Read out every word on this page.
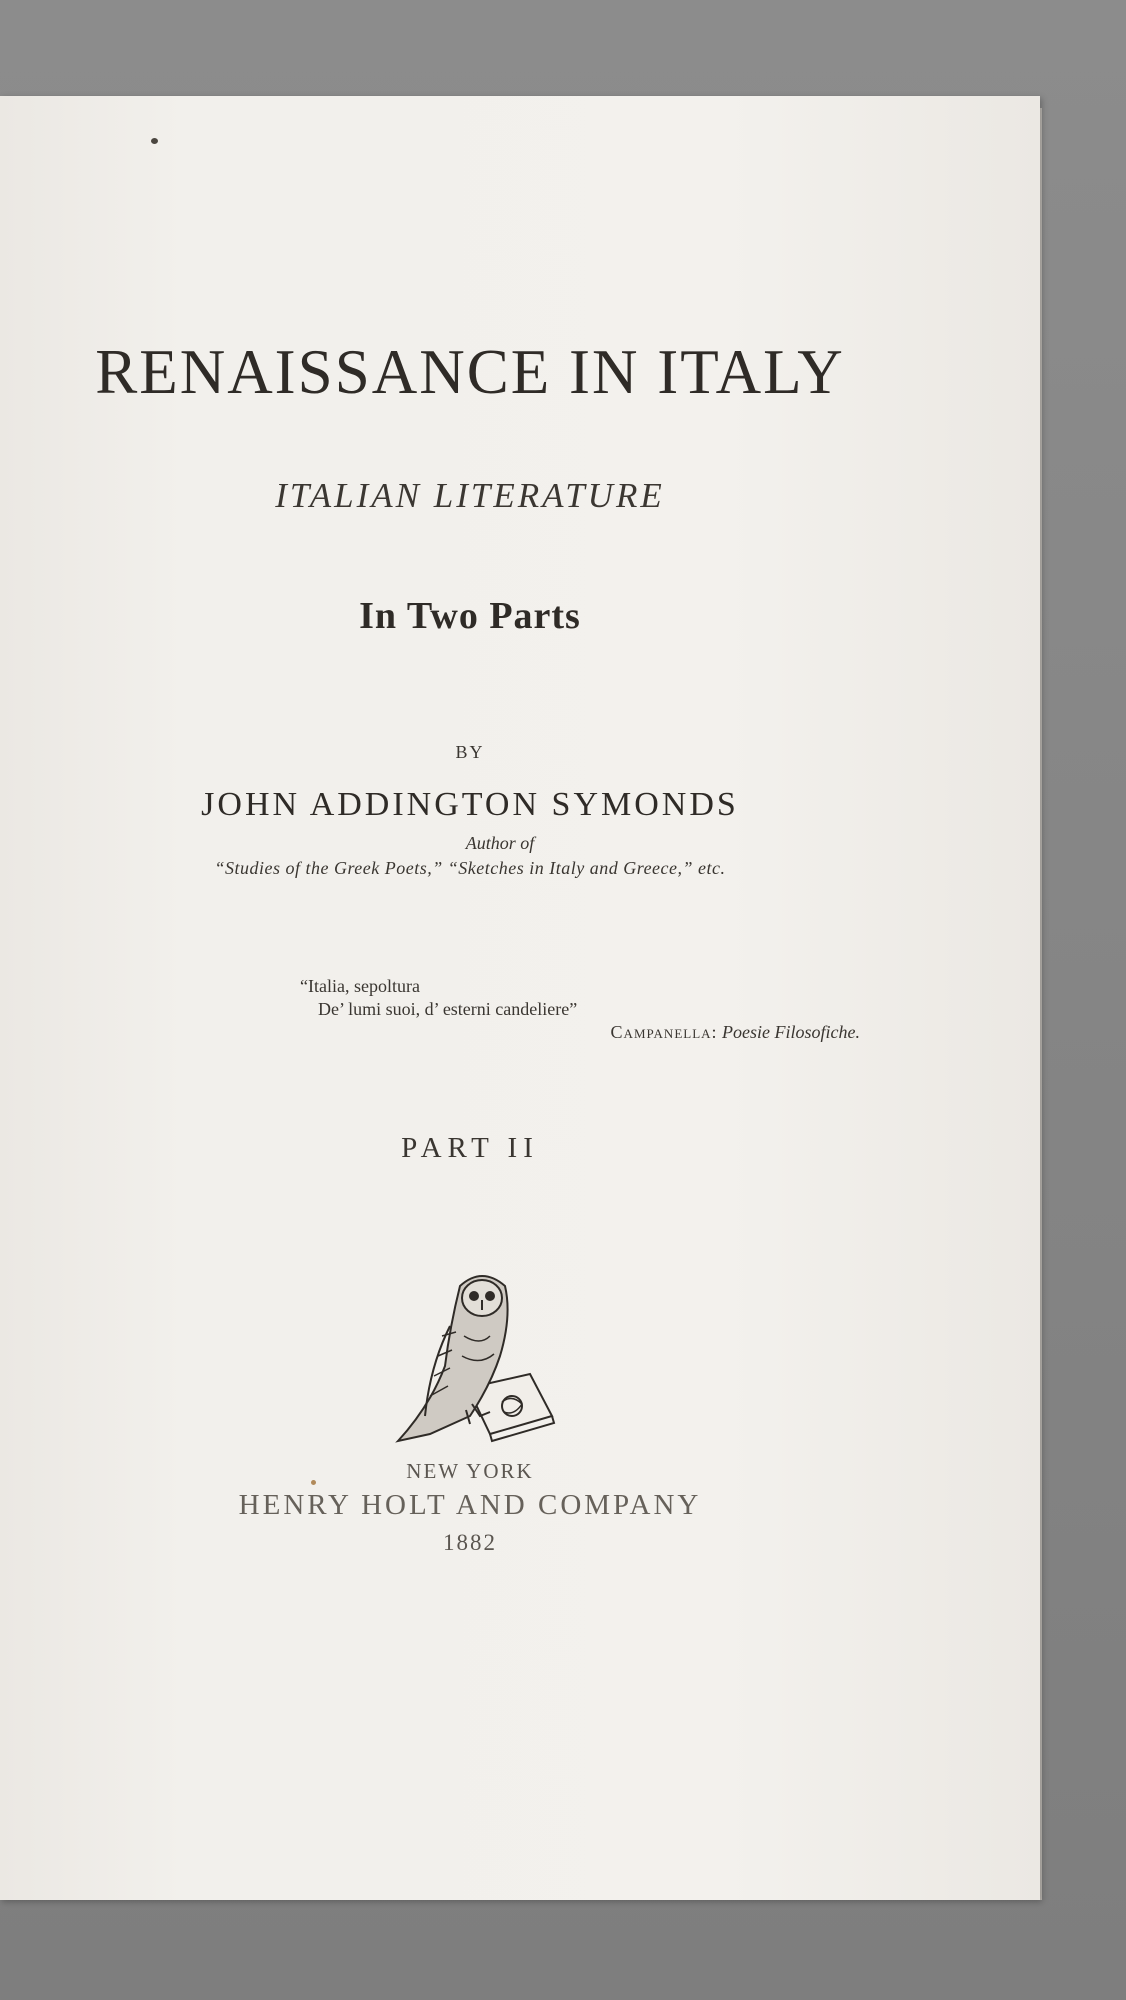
RENAISSANCE IN ITALY
ITALIAN LITERATURE
In Two Parts
BY
JOHN ADDINGTON SYMONDS
Author of
“Studies of the Greek Poets,” “Sketches in Italy and Greece,” etc.
“Italia, sepoltura
De’ lumi suoi, d’ esterni candeliere”
Campanella: Poesie Filosofiche.
PART II
NEW YORK
HENRY HOLT AND COMPANY
1882
